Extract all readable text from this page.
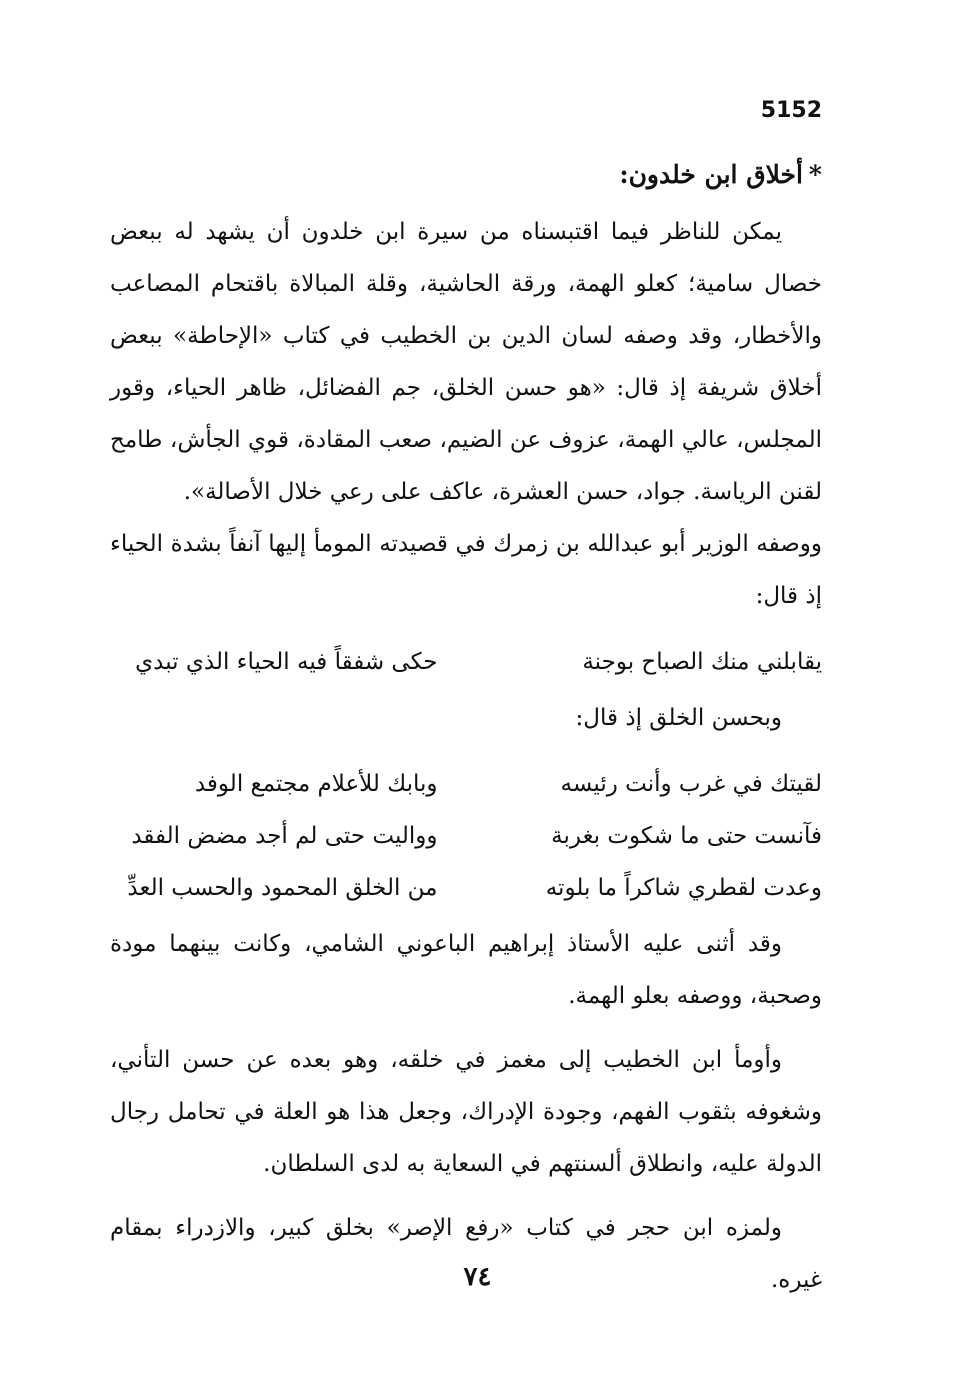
5152
*أخلاق ابن خلدون:

يمكن للناظر فيما اقتبسناه من سيرة ابن خلدون أن يشهد له ببعض خصال سامية؛ كعلو الهمة، ورقة الحاشية، وقلة المبالاة باقتحام المصاعب والأخطار، وقد وصفه لسان الدين بن الخطيب في كتاب «الإحاطة» ببعض أخلاق شريفة إذ قال: «هو حسن الخلق، جم الفضائل، ظاهر الحياء، وقور المجلس، عالي الهمة، عزوف عن الضيم، صعب المقادة، قوي الجأش، طامح لقنن الرياسة. جواد، حسن العشرة، عاكف على رعي خلال الأصالة».

ووصفه الوزير أبو عبدالله بن زمرك في قصيدته المومأ إليها آنفاً بشدة الحياء إذ قال:

يقابلني منك الصباح بوجنة
حكى شفقاً فيه الحياء الذي تبدي
وبحسن الخلق إذ قال:
لقيتك في غرب وأنت رئيسه
وبابك للأعلام مجتمع الوفد
فآنست حتى ما شكوت بغربة
وواليت حتى لم أجد مضض الفقد
وعدت لقطري شاكراً ما بلوته
من الخلق المحمود والحسب العدِّ

وقد أثنى عليه الأستاذ إبراهيم الباعوني الشامي، وكانت بينهما مودة وصحبة، ووصفه بعلو الهمة.

وأومأ ابن الخطيب إلى مغمز في خلقه، وهو بعده عن حسن التأني، وشغوفه بثقوب الفهم، وجودة الإدراك، وجعل هذا هو العلة في تحامل رجال الدولة عليه، وانطلاق ألسنتهم في السعاية به لدى السلطان.

ولمزه ابن حجر في كتاب «رفع الإصر» بخلق كبير، والازدراء بمقام غيره.

٧٤
